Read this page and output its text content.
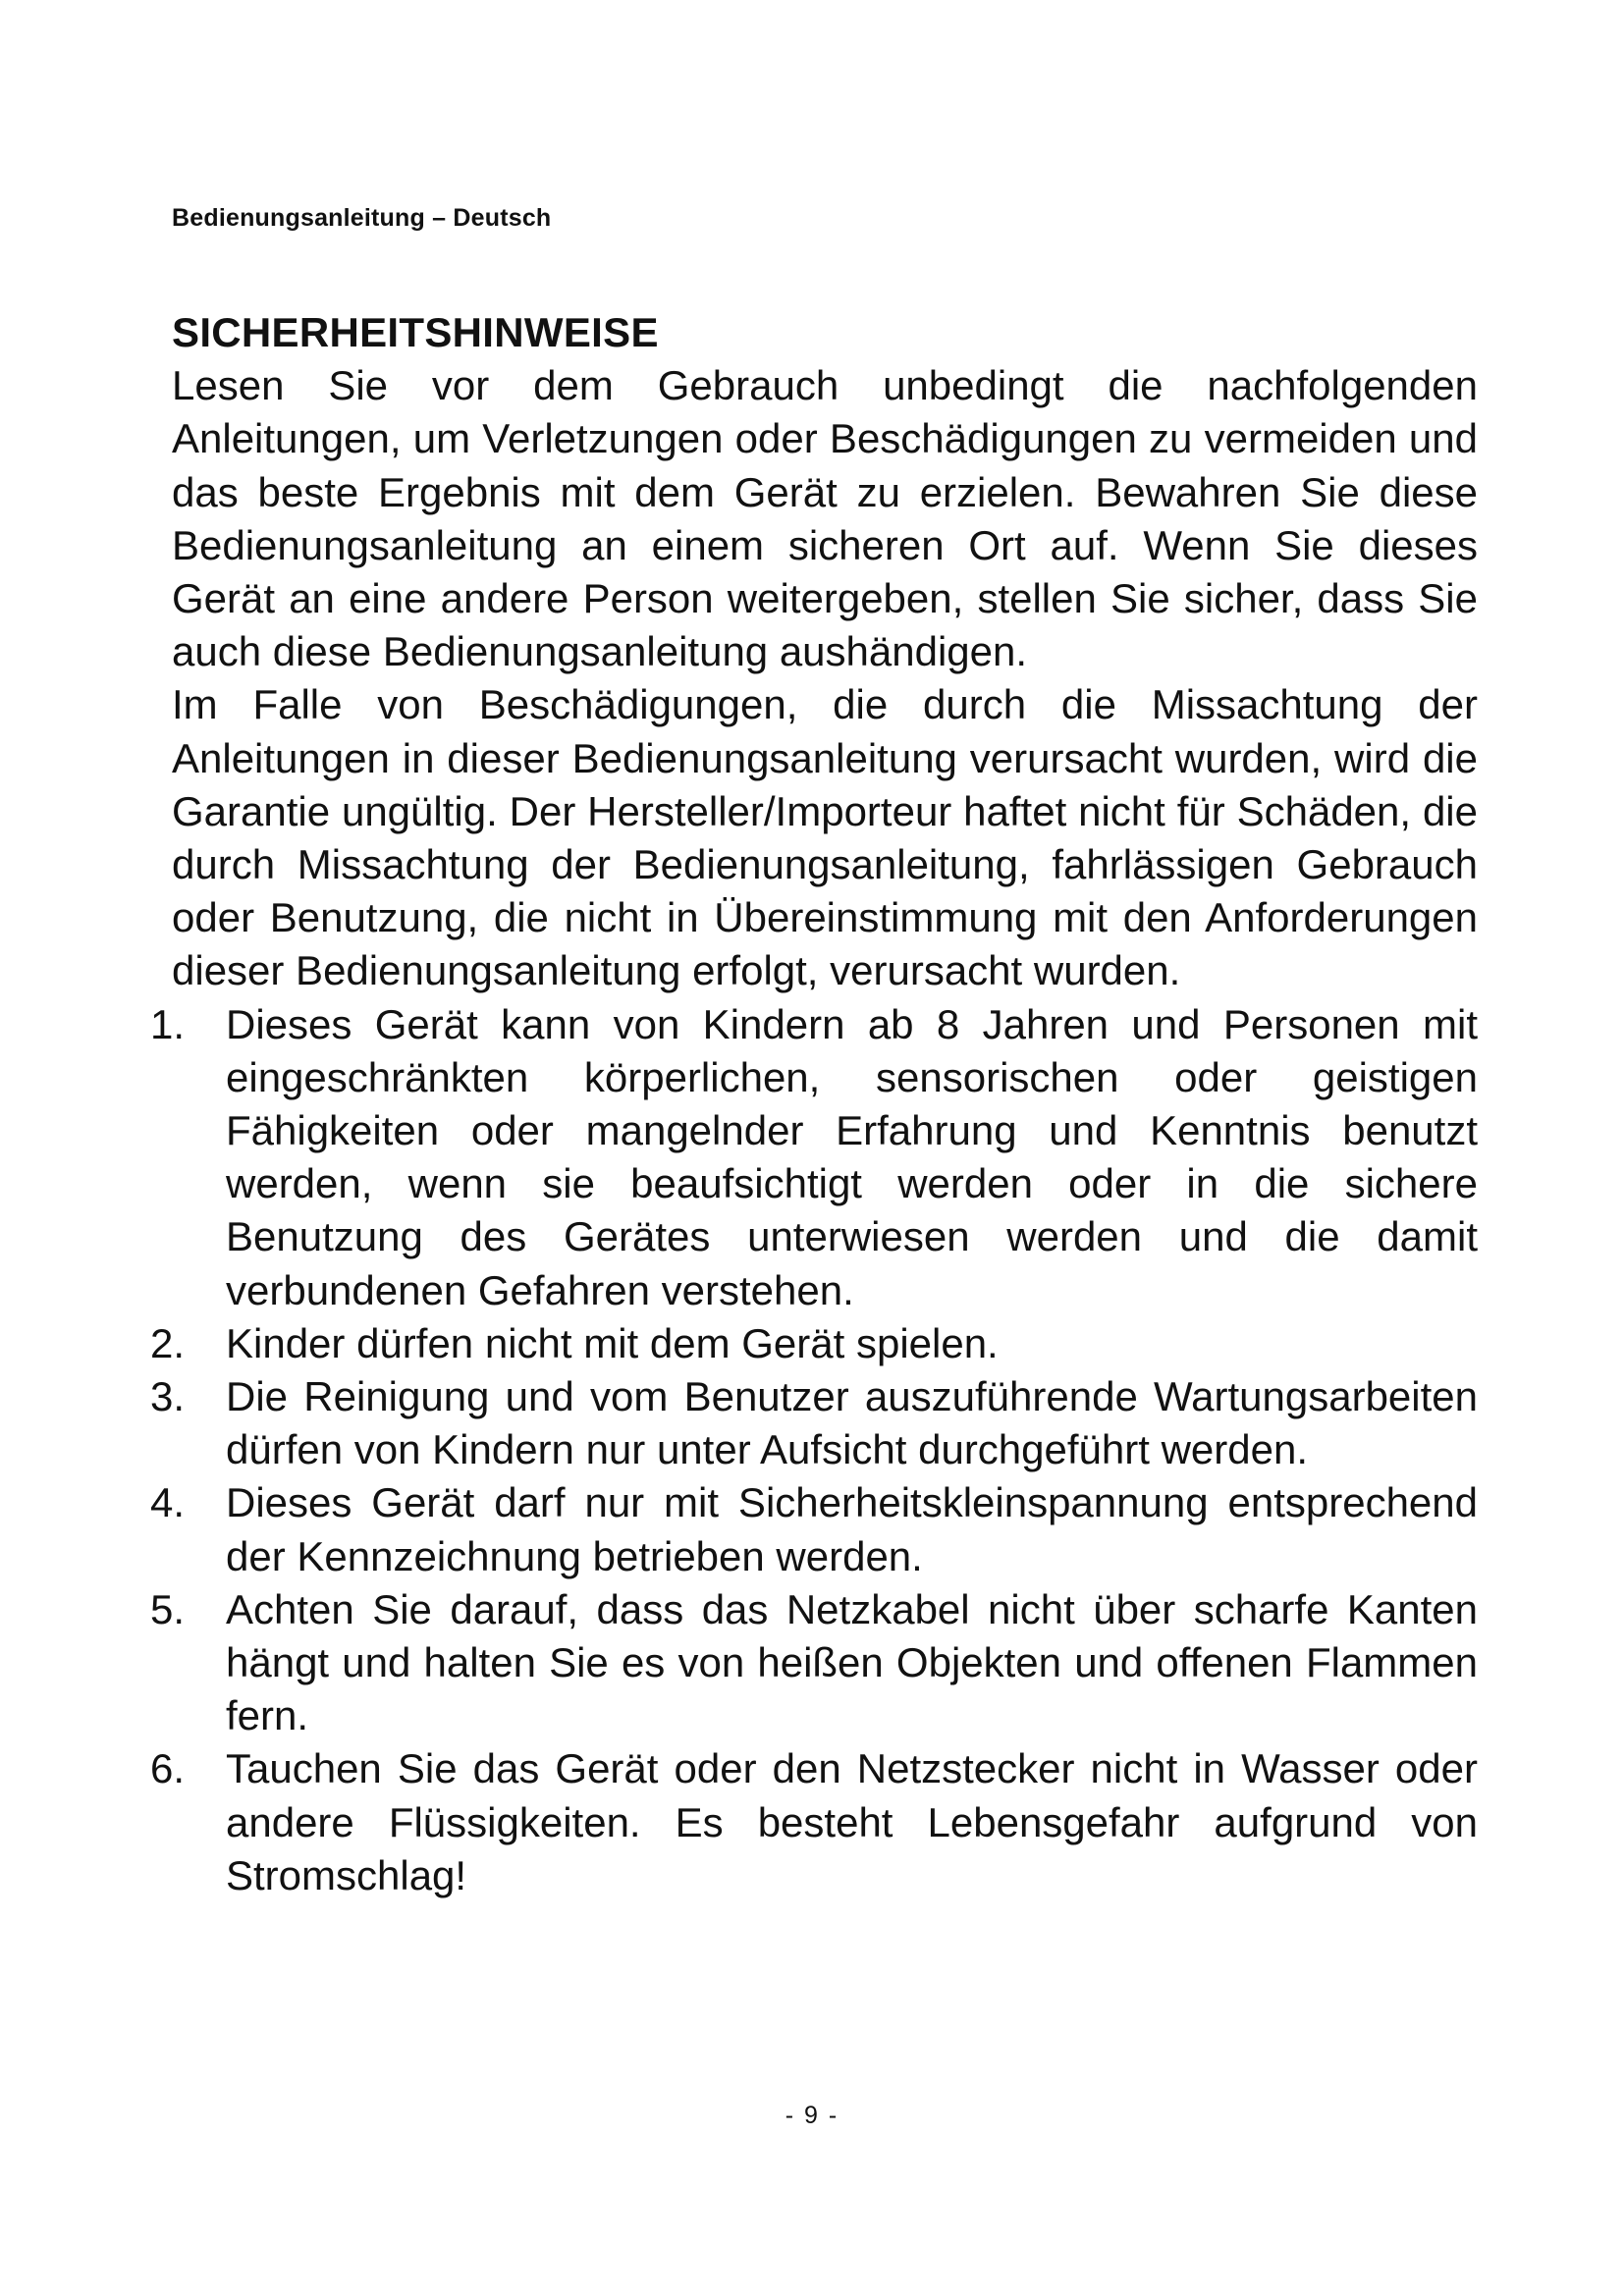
Bedienungsanleitung – Deutsch
SICHERHEITSHINWEISE

Lesen Sie vor dem Gebrauch unbedingt die nachfolgenden Anleitungen, um Verletzungen oder Beschädigungen zu vermeiden und das beste Ergebnis mit dem Gerät zu erzielen. Bewahren Sie diese Bedienungsanleitung an einem sicheren Ort auf. Wenn Sie dieses Gerät an eine andere Person weitergeben, stellen Sie sicher, dass Sie auch diese Bedienungsanleitung aushändigen.

Im Falle von Beschädigungen, die durch die Missachtung der Anleitungen in dieser Bedienungsanleitung verursacht wurden, wird die Garantie ungültig. Der Hersteller/Importeur haftet nicht für Schäden, die durch Missachtung der Bedienungsanleitung, fahrlässigen Gebrauch oder Benutzung, die nicht in Übereinstimmung mit den Anforderungen dieser Bedienungsanleitung erfolgt, verursacht wurden.

1. Dieses Gerät kann von Kindern ab 8 Jahren und Personen mit eingeschränkten körperlichen, sensorischen oder geistigen Fähigkeiten oder mangelnder Erfahrung und Kenntnis benutzt werden, wenn sie beaufsichtigt werden oder in die sichere Benutzung des Gerätes unterwiesen werden und die damit verbundenen Gefahren verstehen.
2. Kinder dürfen nicht mit dem Gerät spielen.
3. Die Reinigung und vom Benutzer auszuführende Wartungsarbeiten dürfen von Kindern nur unter Aufsicht durchgeführt werden.
4. Dieses Gerät darf nur mit Sicherheitskleinspannung entsprechend der Kennzeichnung betrieben werden.
5. Achten Sie darauf, dass das Netzkabel nicht über scharfe Kanten hängt und halten Sie es von heißen Objekten und offenen Flammen fern.
6. Tauchen Sie das Gerät oder den Netzstecker nicht in Wasser oder andere Flüssigkeiten. Es besteht Lebensgefahr aufgrund von Stromschlag!
- 9 -
